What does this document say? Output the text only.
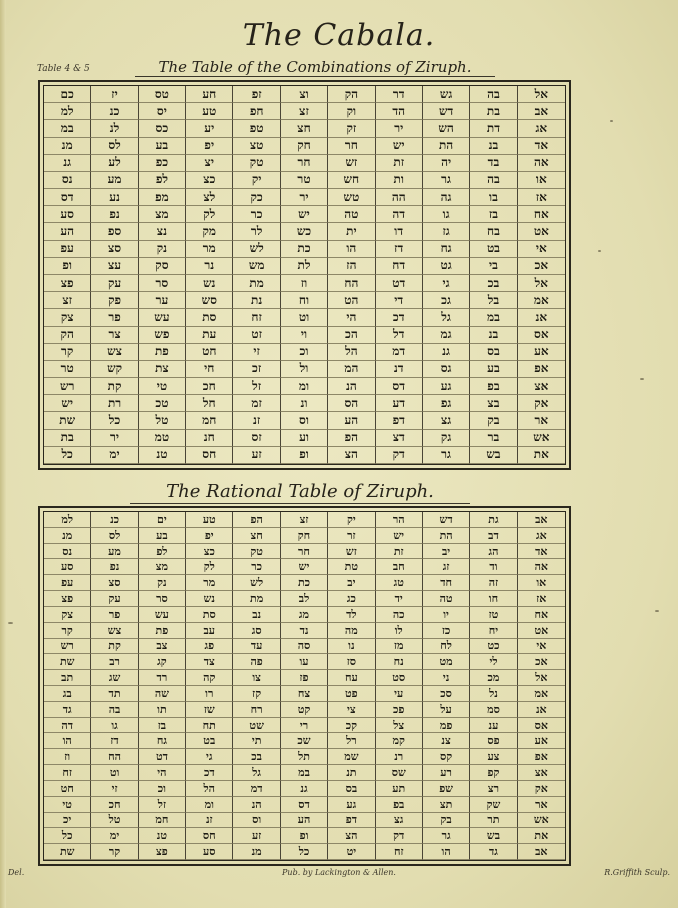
The Cabala.
Table 4 & 5	The Table of the Combinations of Ziruph.
כם	יז	טס	חע	זפ	וצ	הק	דר	גש	בה	אל
למ	כנ	יס	טע	חפ	זצ	וק	הד	דש	בת	אב
במ	לנ	כס	יע	טפ	חצ	זק	יר	הש	דת	אג
מנ	לס	בע	יפ	טצ	חק	חר	יש	הת	בנ	אד
גנ	לע	כפ	יצ	טק	חר	זש	זת	יה	בד	אה
נס	מע	לפ	כצ	יק	טר	חש	ות	גר	בה	או
דס	נע	מפ	לצ	כק	יר	טש	הה	גה	בו	אז
סע	נפ	מצ	לק	כר	יש	טה	דה	גו	בז	אח
הע	ספ	נצ	מק	לר	כש	ית	דו	גז	בח	אט
עפ	סצ	נק	מר	לש	כת	הו	דז	גח	בט	אי
ופ	עצ	סק	נר	מש	לת	הז	דח	גט	בי	אכ
פצ	עק	סר	נש	מת	וז	הח	דט	גי	בכ	אל
זצ	פק	ער	סש	נת	וח	הט	די	גכ	בל	אמ
צק	פר	עש	סת	זח	וט	הי	דכ	גל	במ	אנ
הק	צר	פש	עת	זט	וי	הכ	דל	גמ	בנ	אס
קר	צש	פת	חט	זי	וכ	הל	דמ	גנ	בס	אע
טר	קש	צת	חי	זכ	ול	המ	דנ	גס	בע	אפ
רש	קת	טי	חכ	זל	ומ	הנ	דס	גע	בפ	אצ
יש	רת	טכ	חל	זמ	ונ	הס	דע	גפ	בצ	אק
שת	כל	טל	חמ	זנ	וס	הע	דפ	גצ	בק	אר
בת	יר	טמ	חנ	זס	וע	הפ	דצ	גק	בר	אש
כל	ימ	טנ	חס	זע	ופ	הצ	דק	גר	בש	את
The Rational Table of Ziruph.
למ	כנ	ים	טע	הפ	זצ	יק	הר	דש	גת	אב
מנ	לס	בע	יפ	חצ	חק	זר	יש	הת	דב	אג
נס	מע	לפ	כצ	טק	חר	זש	זת	יב	הג	אד
סע	נפ	מצ	לק	כר	יש	טת	חב	זג	וד	אה
עפ	סצ	נק	מר	לש	כת	יב	טג	חד	זה	או
פצ	עק	סר	נש	מת	לב	כג	יד	טה	חו	אז
צק	פר	עש	סת	נב	מג	לד	כה	יו	טז	אח
קר	צש	פת	עב	סג	נד	מה	לו	כז	יח	אט
רש	קת	צב	פג	עד	סה	נו	מז	לח	כט	אי
שת	רב	קג	צד	פה	עו	סז	נח	מט	לי	אכ
תב	שג	רד	קה	צו	פז	עח	סט	ני	מכ	אל
בג	תד	שה	רו	קז	צח	פט	עי	סכ	נל	אמ
גד	בה	תו	שז	רח	קט	צי	פכ	על	סמ	אנ
דה	גו	בז	תח	שט	רי	קכ	צל	פמ	ענ	אס
הו	דז	גח	בט	תי	שכ	רל	קמ	צנ	פס	אע
וז	הח	דט	גי	בכ	תל	שמ	רנ	קס	צע	אפ
זח	וט	הי	דכ	גל	במ	תנ	שס	רע	קפ	אצ
חט	זי	וכ	הל	דמ	גנ	בס	תע	שפ	רצ	אק
טי	חכ	זל	ומ	הנ	דס	גע	בפ	תצ	שק	אר
יכ	טל	חמ	זנ	וס	הע	דפ	גצ	בק	תר	אש
כל	ימ	טנ	חס	זע	ופ	הצ	דק	גר	בש	את
שת	קר	פצ	סע	מנ	כל	יט	זח	הו	גד	אב
Del.	Pub. by Lackington & Allen.	R.Griffith Sculp.
